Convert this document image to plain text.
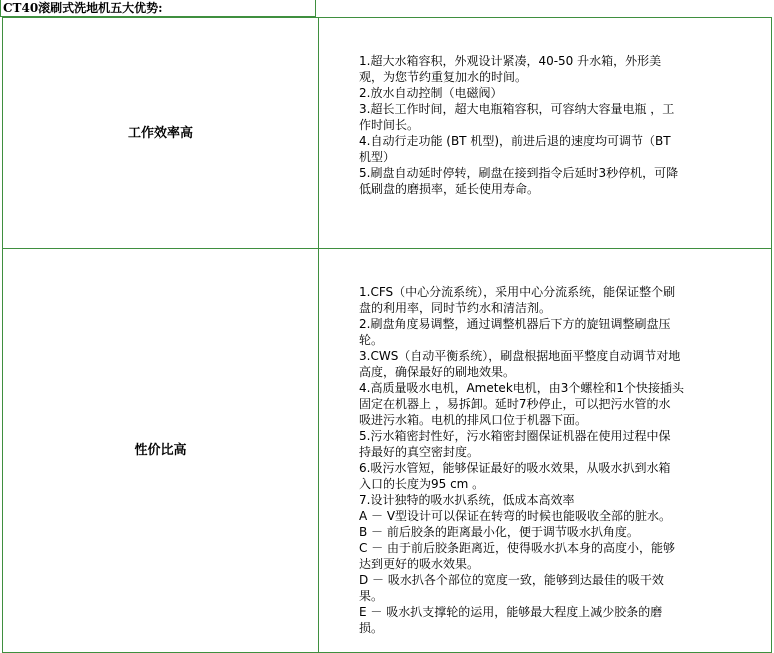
CT40滚刷式洗地机五大优势:
工作效率高
1.超大水箱容积，外观设计紧凑，40-50 升水箱，外形美
观，为您节约重复加水的时间。
2.放水自动控制（电磁阀）
3.超长工作时间，超大电瓶箱容积，可容纳大容量电瓶 ，工
作时间长。
4.自动行走功能 (BT 机型)，前进后退的速度均可调节（BT
机型）
5.刷盘自动延时停转，刷盘在接到指令后延时3秒停机，可降
低刷盘的磨损率，延长使用寿命。
性价比高
1.CFS（中心分流系统），采用中心分流系统，能保证整个刷
盘的利用率，同时节约水和清洁剂。
2.刷盘角度易调整，通过调整机器后下方的旋钮调整刷盘压
轮。
3.CWS（自动平衡系统），刷盘根据地面平整度自动调节对地
高度，确保最好的刷地效果。
4.高质量吸水电机，Ametek电机，由3个螺栓和1个快接插头
固定在机器上 ，易拆卸。延时7秒停止，可以把污水管的水
吸进污水箱。电机的排风口位于机器下面。
5.污水箱密封性好，污水箱密封圈保证机器在使用过程中保
持最好的真空密封度。
6.吸污水管短，能够保证最好的吸水效果，从吸水扒到水箱
入口的长度为95 cm 。
7.设计独特的吸水扒系统，低成本高效率
A － V型设计可以保证在转弯的时候也能吸收全部的脏水。
B － 前后胶条的距离最小化，便于调节吸水扒角度。
C － 由于前后胶条距离近，使得吸水扒本身的高度小，能够
达到更好的吸水效果。
D － 吸水扒各个部位的宽度一致，能够到达最佳的吸干效
果。
E － 吸水扒支撑轮的运用，能够最大程度上减少胶条的磨
损。
